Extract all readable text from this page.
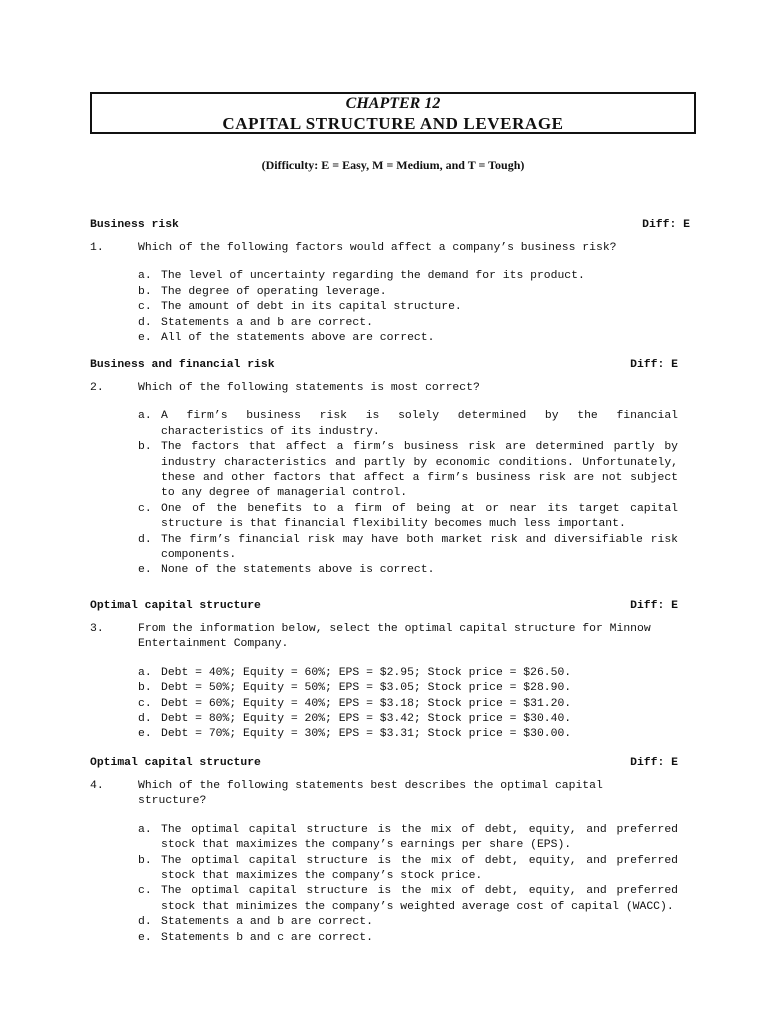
CHAPTER 12
CAPITAL STRUCTURE AND LEVERAGE
(Difficulty: E = Easy, M = Medium, and T = Tough)
Business risk	Diff: E
1.	Which of the following factors would affect a company’s business risk?
a. The level of uncertainty regarding the demand for its product.
b. The degree of operating leverage.
c. The amount of debt in its capital structure.
d. Statements a and b are correct.
e. All of the statements above are correct.
Business and financial risk	Diff: E
2.	Which of the following statements is most correct?
a. A firm’s business risk is solely determined by the financial characteristics of its industry.
b. The factors that affect a firm’s business risk are determined partly by industry characteristics and partly by economic conditions. Unfortunately, these and other factors that affect a firm’s business risk are not subject to any degree of managerial control.
c. One of the benefits to a firm of being at or near its target capital structure is that financial flexibility becomes much less important.
d. The firm’s financial risk may have both market risk and diversifiable risk components.
e. None of the statements above is correct.
Optimal capital structure	Diff: E
3.	From the information below, select the optimal capital structure for Minnow Entertainment Company.
a. Debt = 40%; Equity = 60%; EPS = $2.95; Stock price = $26.50.
b. Debt = 50%; Equity = 50%; EPS = $3.05; Stock price = $28.90.
c. Debt = 60%; Equity = 40%; EPS = $3.18; Stock price = $31.20.
d. Debt = 80%; Equity = 20%; EPS = $3.42; Stock price = $30.40.
e. Debt = 70%; Equity = 30%; EPS = $3.31; Stock price = $30.00.
Optimal capital structure	Diff: E
4.	Which of the following statements best describes the optimal capital structure?
a. The optimal capital structure is the mix of debt, equity, and preferred stock that maximizes the company’s earnings per share (EPS).
b. The optimal capital structure is the mix of debt, equity, and preferred stock that maximizes the company’s stock price.
c. The optimal capital structure is the mix of debt, equity, and preferred stock that minimizes the company’s weighted average cost of capital (WACC).
d. Statements a and b are correct.
e. Statements b and c are correct.
